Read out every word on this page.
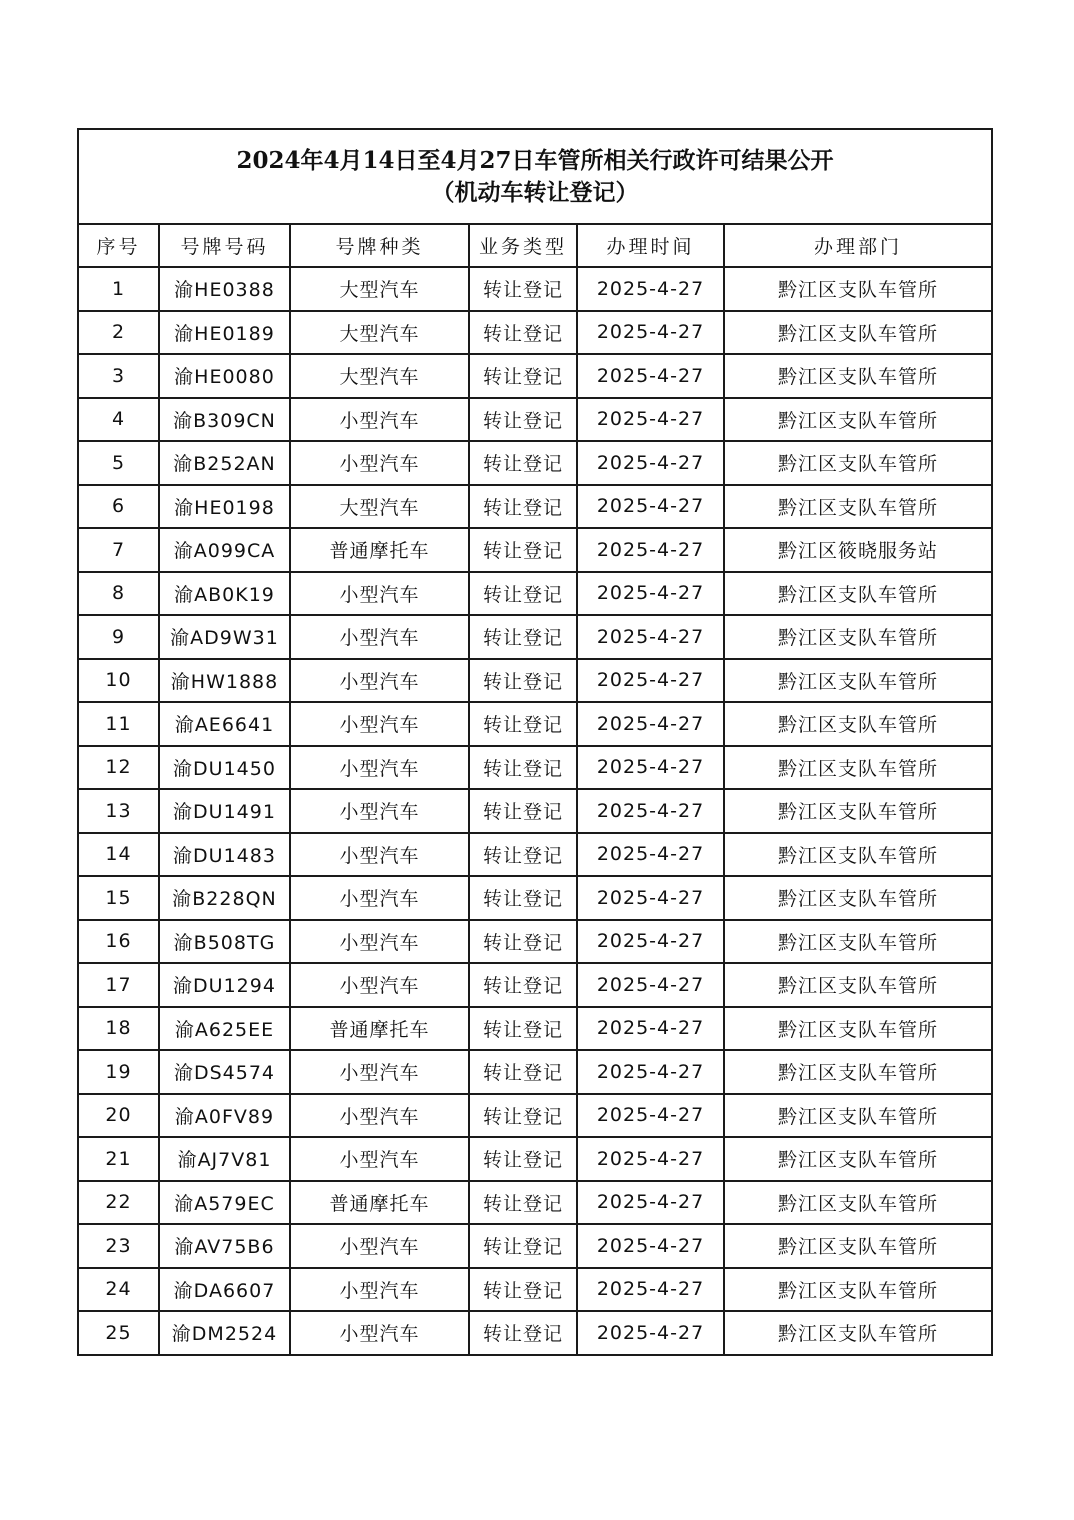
2024年4月14日至4月27日车管所相关行政许可结果公开
（机动车转让登记）					

序号	号牌号码	号牌种类	业务类型	办理时间	办理部门
1	渝HE0388	大型汽车	转让登记	2025-4-27	黔江区支队车管所
2	渝HE0189	大型汽车	转让登记	2025-4-27	黔江区支队车管所
3	渝HE0080	大型汽车	转让登记	2025-4-27	黔江区支队车管所
4	渝B309CN	小型汽车	转让登记	2025-4-27	黔江区支队车管所
5	渝B252AN	小型汽车	转让登记	2025-4-27	黔江区支队车管所
6	渝HE0198	大型汽车	转让登记	2025-4-27	黔江区支队车管所
7	渝A099CA	普通摩托车	转让登记	2025-4-27	黔江区筱晓服务站
8	渝AB0K19	小型汽车	转让登记	2025-4-27	黔江区支队车管所
9	渝AD9W31	小型汽车	转让登记	2025-4-27	黔江区支队车管所
10	渝HW1888	小型汽车	转让登记	2025-4-27	黔江区支队车管所
11	渝AE6641	小型汽车	转让登记	2025-4-27	黔江区支队车管所
12	渝DU1450	小型汽车	转让登记	2025-4-27	黔江区支队车管所
13	渝DU1491	小型汽车	转让登记	2025-4-27	黔江区支队车管所
14	渝DU1483	小型汽车	转让登记	2025-4-27	黔江区支队车管所
15	渝B228QN	小型汽车	转让登记	2025-4-27	黔江区支队车管所
16	渝B508TG	小型汽车	转让登记	2025-4-27	黔江区支队车管所
17	渝DU1294	小型汽车	转让登记	2025-4-27	黔江区支队车管所
18	渝A625EE	普通摩托车	转让登记	2025-4-27	黔江区支队车管所
19	渝DS4574	小型汽车	转让登记	2025-4-27	黔江区支队车管所
20	渝A0FV89	小型汽车	转让登记	2025-4-27	黔江区支队车管所
21	渝AJ7V81	小型汽车	转让登记	2025-4-27	黔江区支队车管所
22	渝A579EC	普通摩托车	转让登记	2025-4-27	黔江区支队车管所
23	渝AV75B6	小型汽车	转让登记	2025-4-27	黔江区支队车管所
24	渝DA6607	小型汽车	转让登记	2025-4-27	黔江区支队车管所
25	渝DM2524	小型汽车	转让登记	2025-4-27	黔江区支队车管所
